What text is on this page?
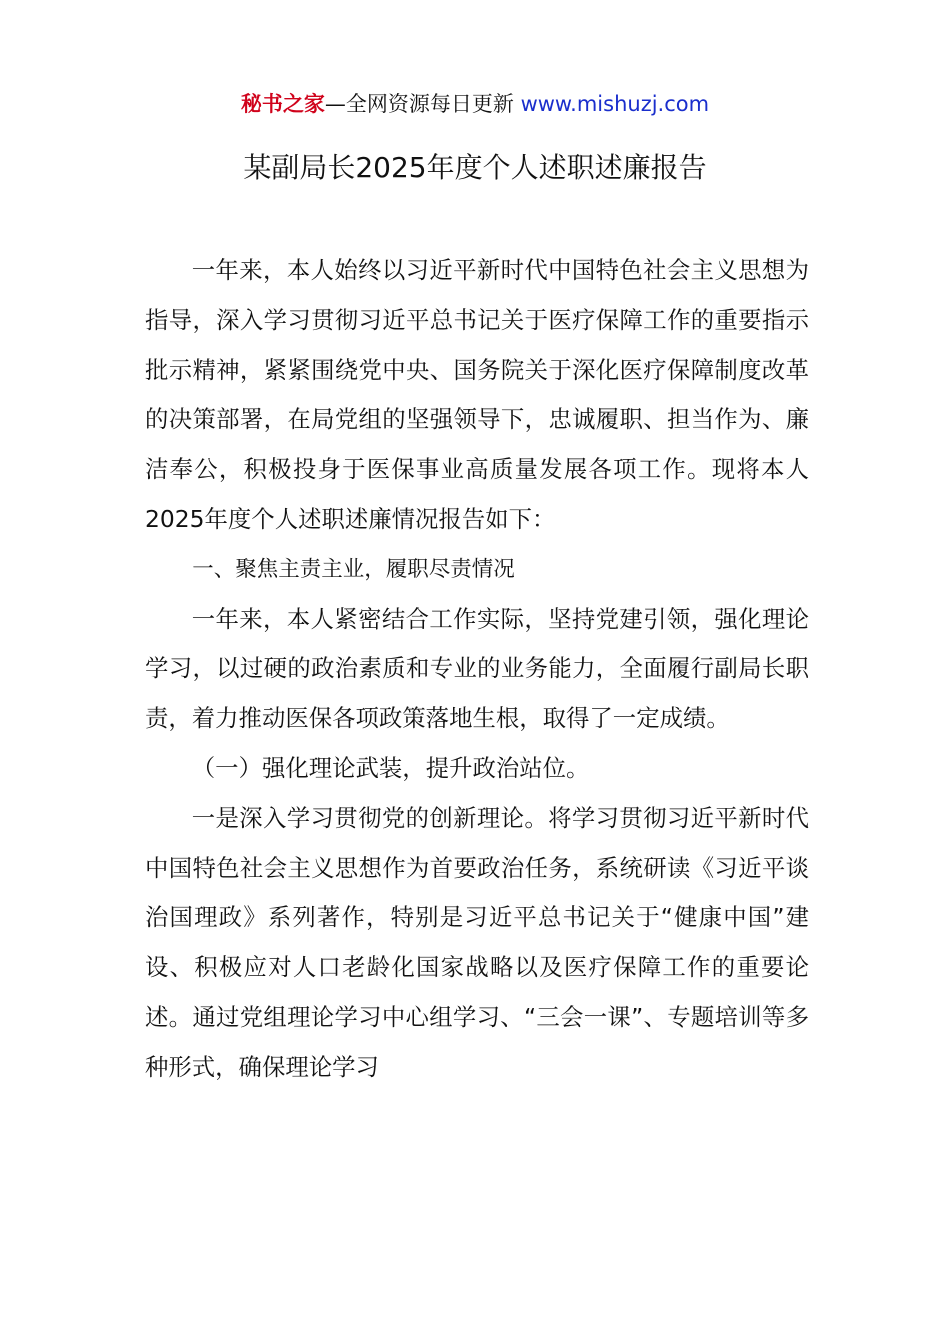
秘书之家—全网资源每日更新 www.mishuzj.com
某副局长2025年度个人述职述廉报告

一年来，本人始终以习近平新时代中国特色社会主义思想为指导，深入学习贯彻习近平总书记关于医疗保障工作的重要指示批示精神，紧紧围绕党中央、国务院关于深化医疗保障制度改革的决策部署，在局党组的坚强领导下，忠诚履职、担当作为、廉洁奉公，积极投身于医保事业高质量发展各项工作。现将本人2025年度个人述职述廉情况报告如下：

一、聚焦主责主业，履职尽责情况

一年来，本人紧密结合工作实际，坚持党建引领，强化理论学习，以过硬的政治素质和专业的业务能力，全面履行副局长职责，着力推动医保各项政策落地生根，取得了一定成绩。

（一）强化理论武装，提升政治站位。

一是深入学习贯彻党的创新理论。将学习贯彻习近平新时代中国特色社会主义思想作为首要政治任务，系统研读《习近平谈治国理政》系列著作，特别是习近平总书记关于“健康中国”建设、积极应对人口老龄化国家战略以及医疗保障工作的重要论述。通过党组理论学习中心组学习、“三会一课”、专题培训等多种形式，确保理论学习
